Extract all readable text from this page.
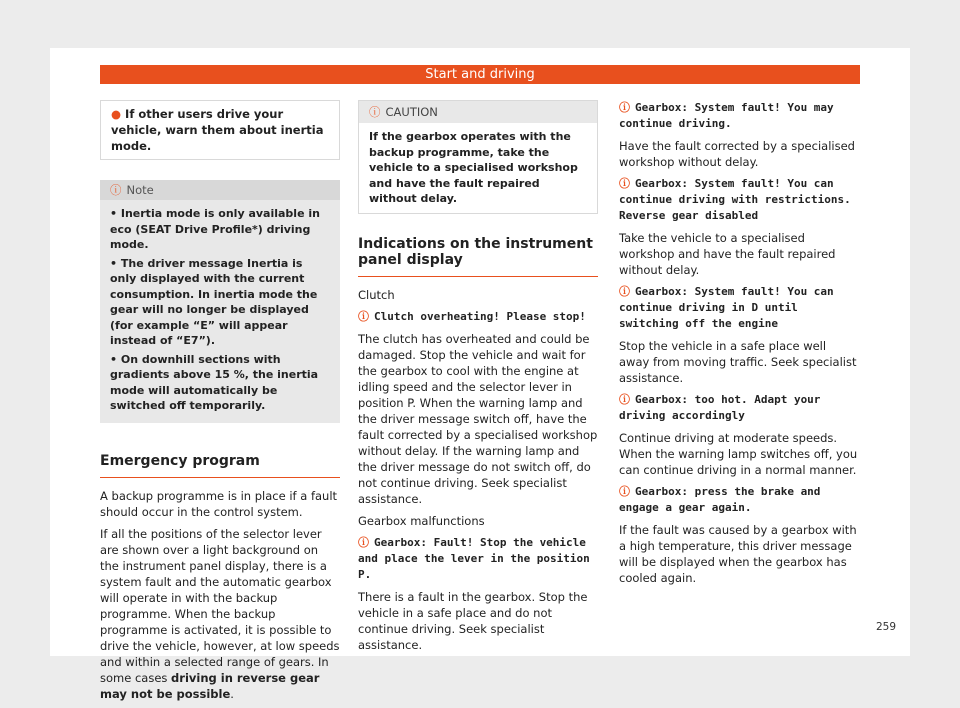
Start and driving
● If other users drive your vehicle, warn them about inertia mode.
ⓘ Note

• Inertia mode is only available in eco (SEAT Drive Profile*) driving mode.

• The driver message Inertia is only displayed with the current consumption. In inertia mode the gear will no longer be displayed (for example “E” will appear instead of “E7”).

• On downhill sections with gradients above 15 %, the inertia mode will automatically be switched off temporarily.

Emergency program

A backup programme is in place if a fault should occur in the control system.

If all the positions of the selector lever are shown over a light background on the instrument panel display, there is a system fault and the automatic gearbox will operate in with the backup programme. When the backup programme is activated, it is possible to drive the vehicle, however, at low speeds and within a selected range of gears. In some cases driving in reverse gear may not be possible.

ⓘ CAUTION
If the gearbox operates with the backup programme, take the vehicle to a specialised workshop and have the fault repaired without delay.
Indications on the instrument panel display

Clutch

ⓘ Clutch overheating! Please stop!

The clutch has overheated and could be damaged. Stop the vehicle and wait for the gearbox to cool with the engine at idling speed and the selector lever in position P. When the warning lamp and the driver message switch off, have the fault corrected by a specialised workshop without delay. If the warning lamp and the driver message do not switch off, do not continue driving. Seek specialist assistance.

Gearbox malfunctions

ⓘ Gearbox: Fault! Stop the vehicle and place the lever in the position P.

There is a fault in the gearbox. Stop the vehicle in a safe place and do not continue driving. Seek specialist assistance.

ⓘ Gearbox: System fault! You may continue driving.

Have the fault corrected by a specialised workshop without delay.

ⓘ Gearbox: System fault! You can continue driving with restrictions. Reverse gear disabled

Take the vehicle to a specialised workshop and have the fault repaired without delay.

ⓘ Gearbox: System fault! You can continue driving in D until switching off the engine

Stop the vehicle in a safe place well away from moving traffic. Seek specialist assistance.

ⓘ Gearbox: too hot. Adapt your driving accordingly

Continue driving at moderate speeds. When the warning lamp switches off, you can continue driving in a normal manner.

ⓘ Gearbox: press the brake and engage a gear again.

If the fault was caused by a gearbox with a high temperature, this driver message will be displayed when the gearbox has cooled again.

259
